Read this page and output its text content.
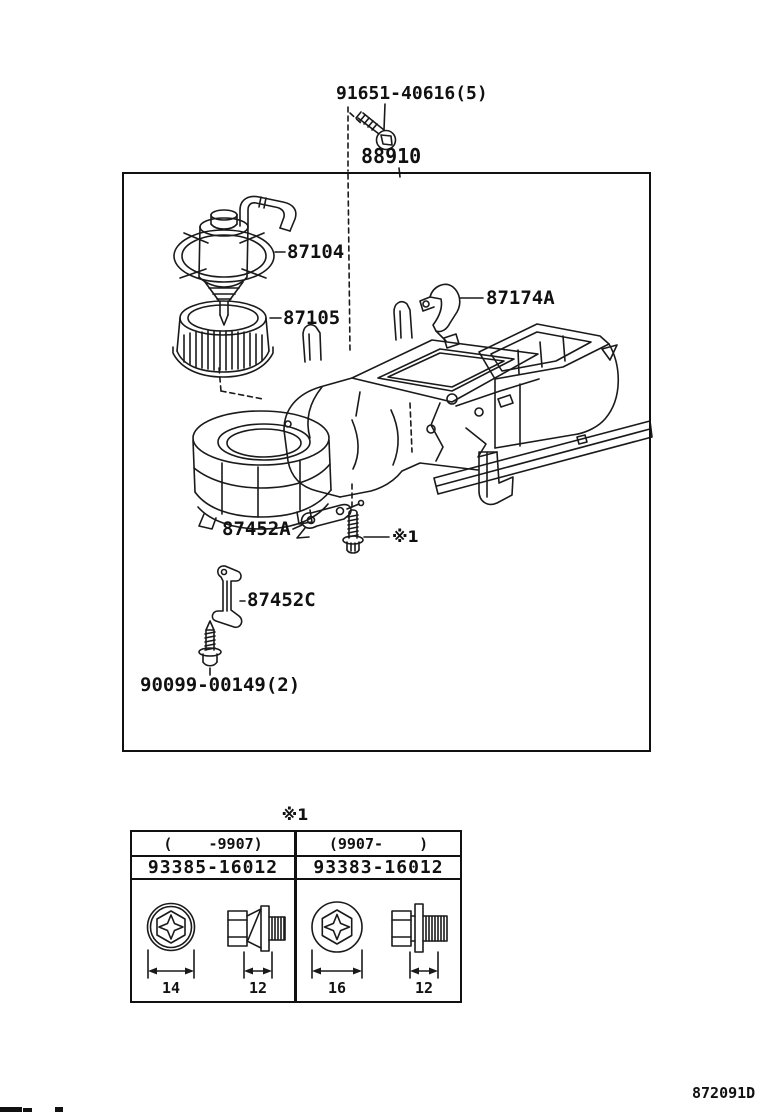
91651-40616(5)
88910
87104
87105
87174A
87452A	※1
87452C
90099-00149(2)
※1
(    -9907)	(9907-    )
93385-16012	93383-16012
14	12	16	12
872091D
